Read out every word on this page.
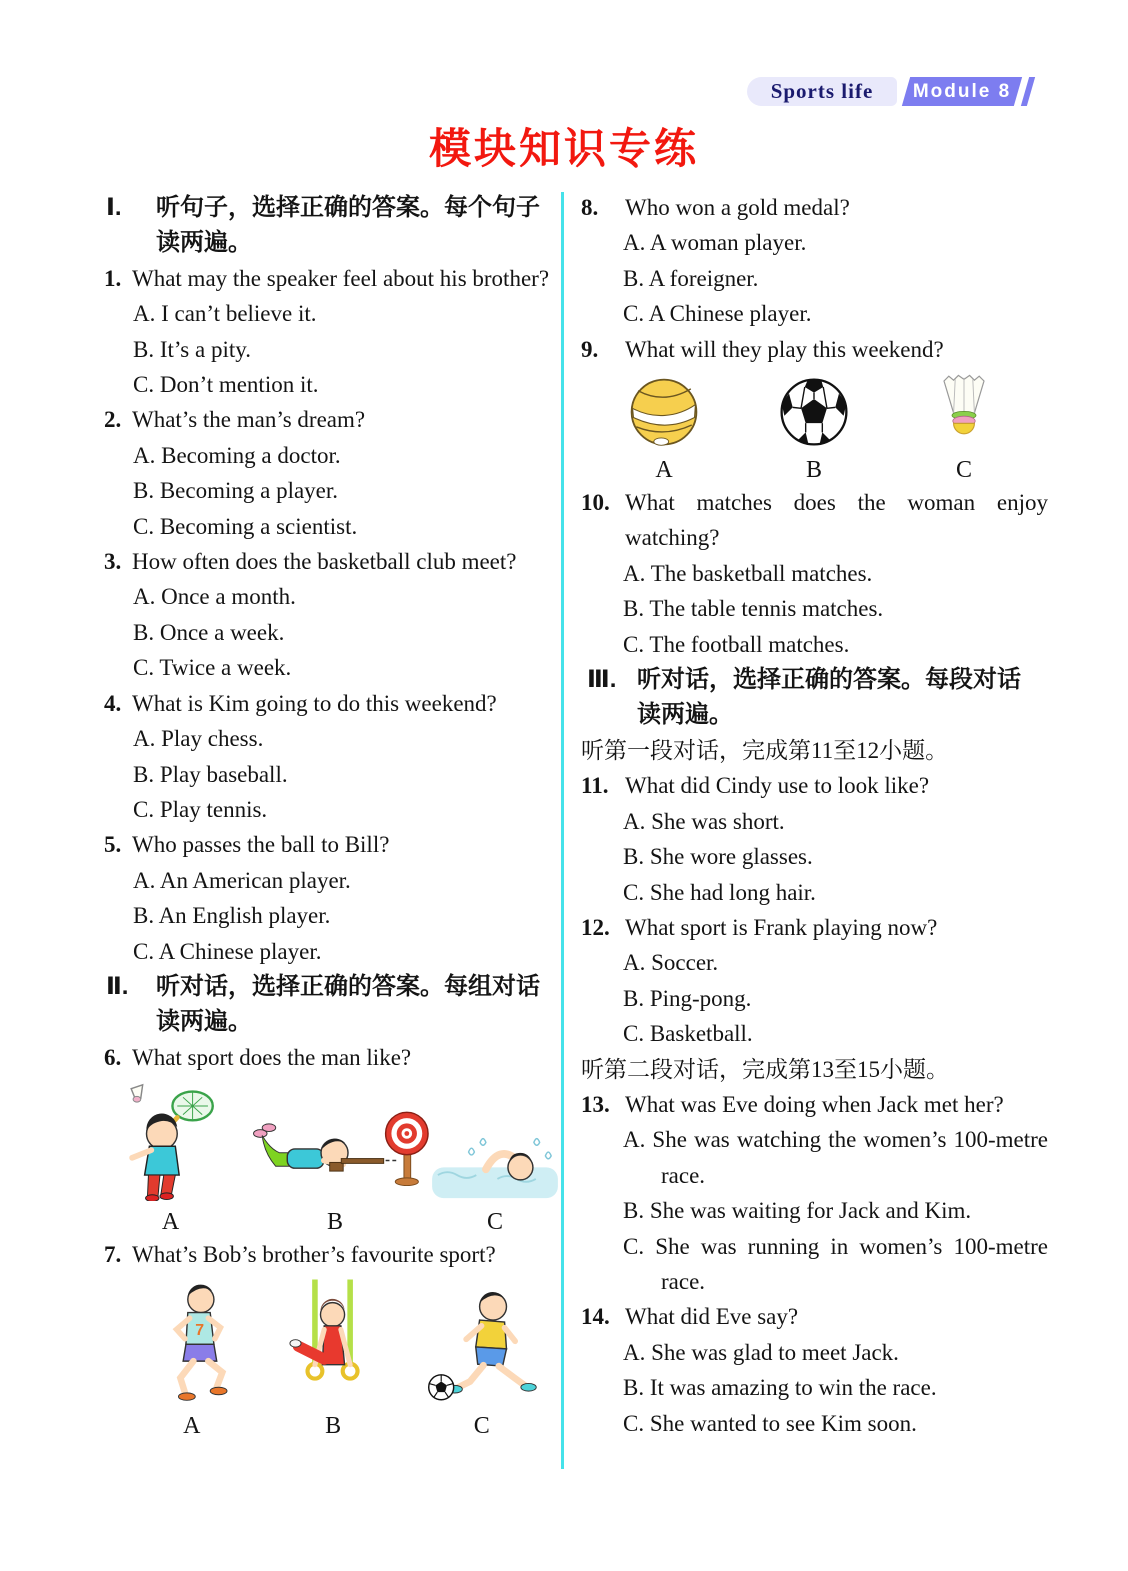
Sports life Module 8
模块知识专练
Ⅰ. 听句子，选择正确的答案。每个句子
读两遍。
1. What may the speaker feel about his brother?
A. I can’t believe it.
B. It’s a pity.
C. Don’t mention it.
2. What’s the man’s dream?
A. Becoming a doctor.
B. Becoming a player.
C. Becoming a scientist.
3. How often does the basketball club meet?
A. Once a month.
B. Once a week.
C. Twice a week.
4. What is Kim going to do this weekend?
A. Play chess.
B. Play baseball.
C. Play tennis.
5. Who passes the ball to Bill?
A. An American player.
B. An English player.
C. A Chinese player.
Ⅱ. 听对话，选择正确的答案。每组对话
读两遍。
6. What sport does the man like?
A	B	C
7. What’s Bob’s brother’s favourite sport?
7
A	B	C
8. Who won a gold medal?
A. A woman player.
B. A foreigner.
C. A Chinese player.
9. What will they play this weekend?
A	B	C
10. What matches does the woman enjoy watching?
A. The basketball matches.
B. The table tennis matches.
C. The football matches.
Ⅲ. 听对话，选择正确的答案。每段对话
读两遍。
听第一段对话，完成第11至12小题。
11. What did Cindy use to look like?
A. She was short.
B. She wore glasses.
C. She had long hair.
12. What sport is Frank playing now?
A. Soccer.
B. Ping-pong.
C. Basketball.
听第二段对话，完成第13至15小题。
13. What was Eve doing when Jack met her?
A. She was watching the women’s 100-metre race.
B. She was waiting for Jack and Kim.
C. She was running in women’s 100-metre race.
14. What did Eve say?
A. She was glad to meet Jack.
B. It was amazing to win the race.
C. She wanted to see Kim soon.
